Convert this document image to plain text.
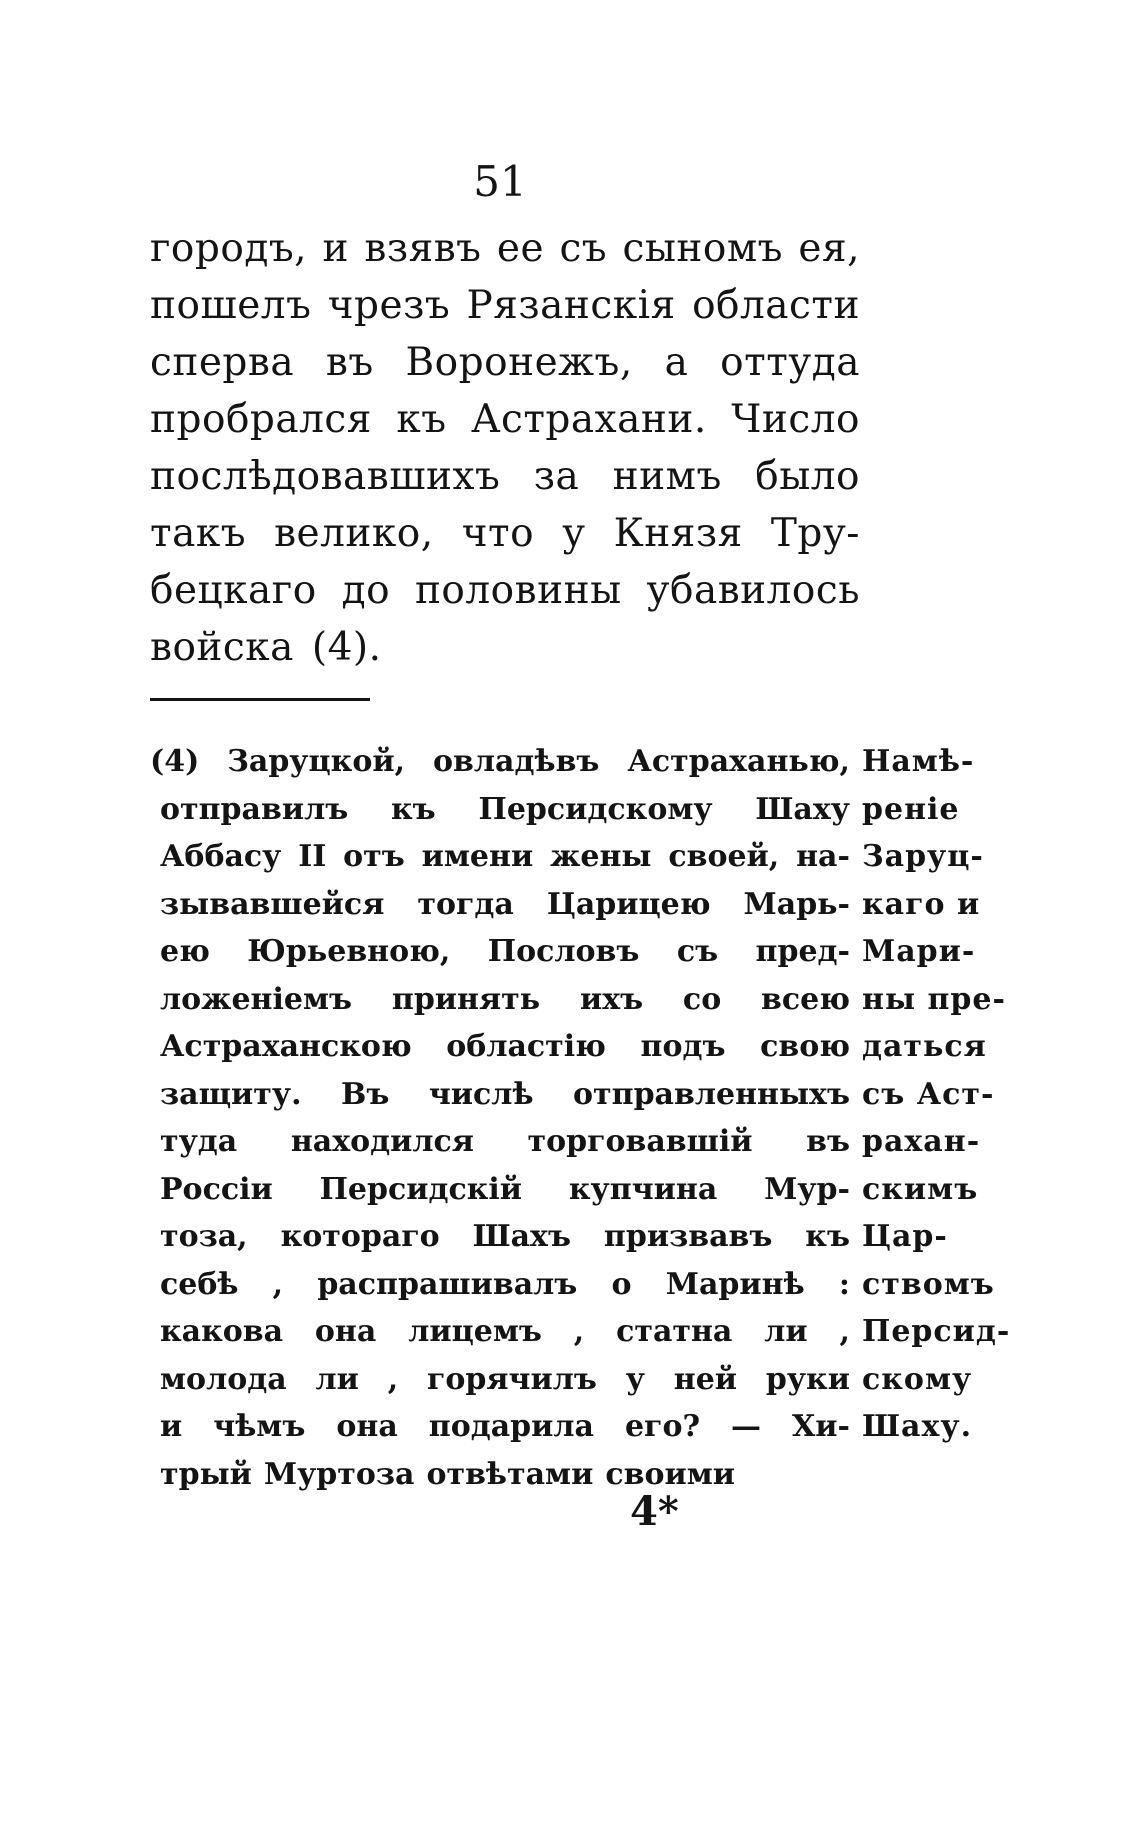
51
городъ, и взявъ ее съ сыномъ ея,
пошелъ чрезъ Рязанскія области
сперва въ Воронежъ, а оттуда
пробрался къ Астрахани. Число
послѣдовавшихъ за нимъ было
такъ велико, что у Князя Тру-
бецкаго до половины убавилось
войска (4).
(4) Заруцкой, овладѣвъ Астраханью,
отправилъ къ Персидскому Шаху
Аббасу II отъ имени жены своей, на-
зывавшейся тогда Царицею Марь-
ею Юрьевною, Пословъ съ пред-
ложеніемъ принять ихъ со всею
Астраханскою областію подъ свою
защиту. Въ числѣ отправленныхъ
туда находился торговавшій въ
Россіи Персидскій купчина Мур-
тоза, котораго Шахъ призвавъ къ
себѣ , распрашивалъ о Маринѣ :
какова она лицемъ , статна ли ,
молода ли , горячилъ у ней руки
и чѣмъ она подарила его? — Хи-
трый Муртоза отвѣтами своими
Намѣ-
реніе
Заруц-
каго и
Мари-
ны пре-
даться
съ Аст-
рахан-
скимъ
Цар-
ствомъ
Персид-
скому
Шаху.
4*
